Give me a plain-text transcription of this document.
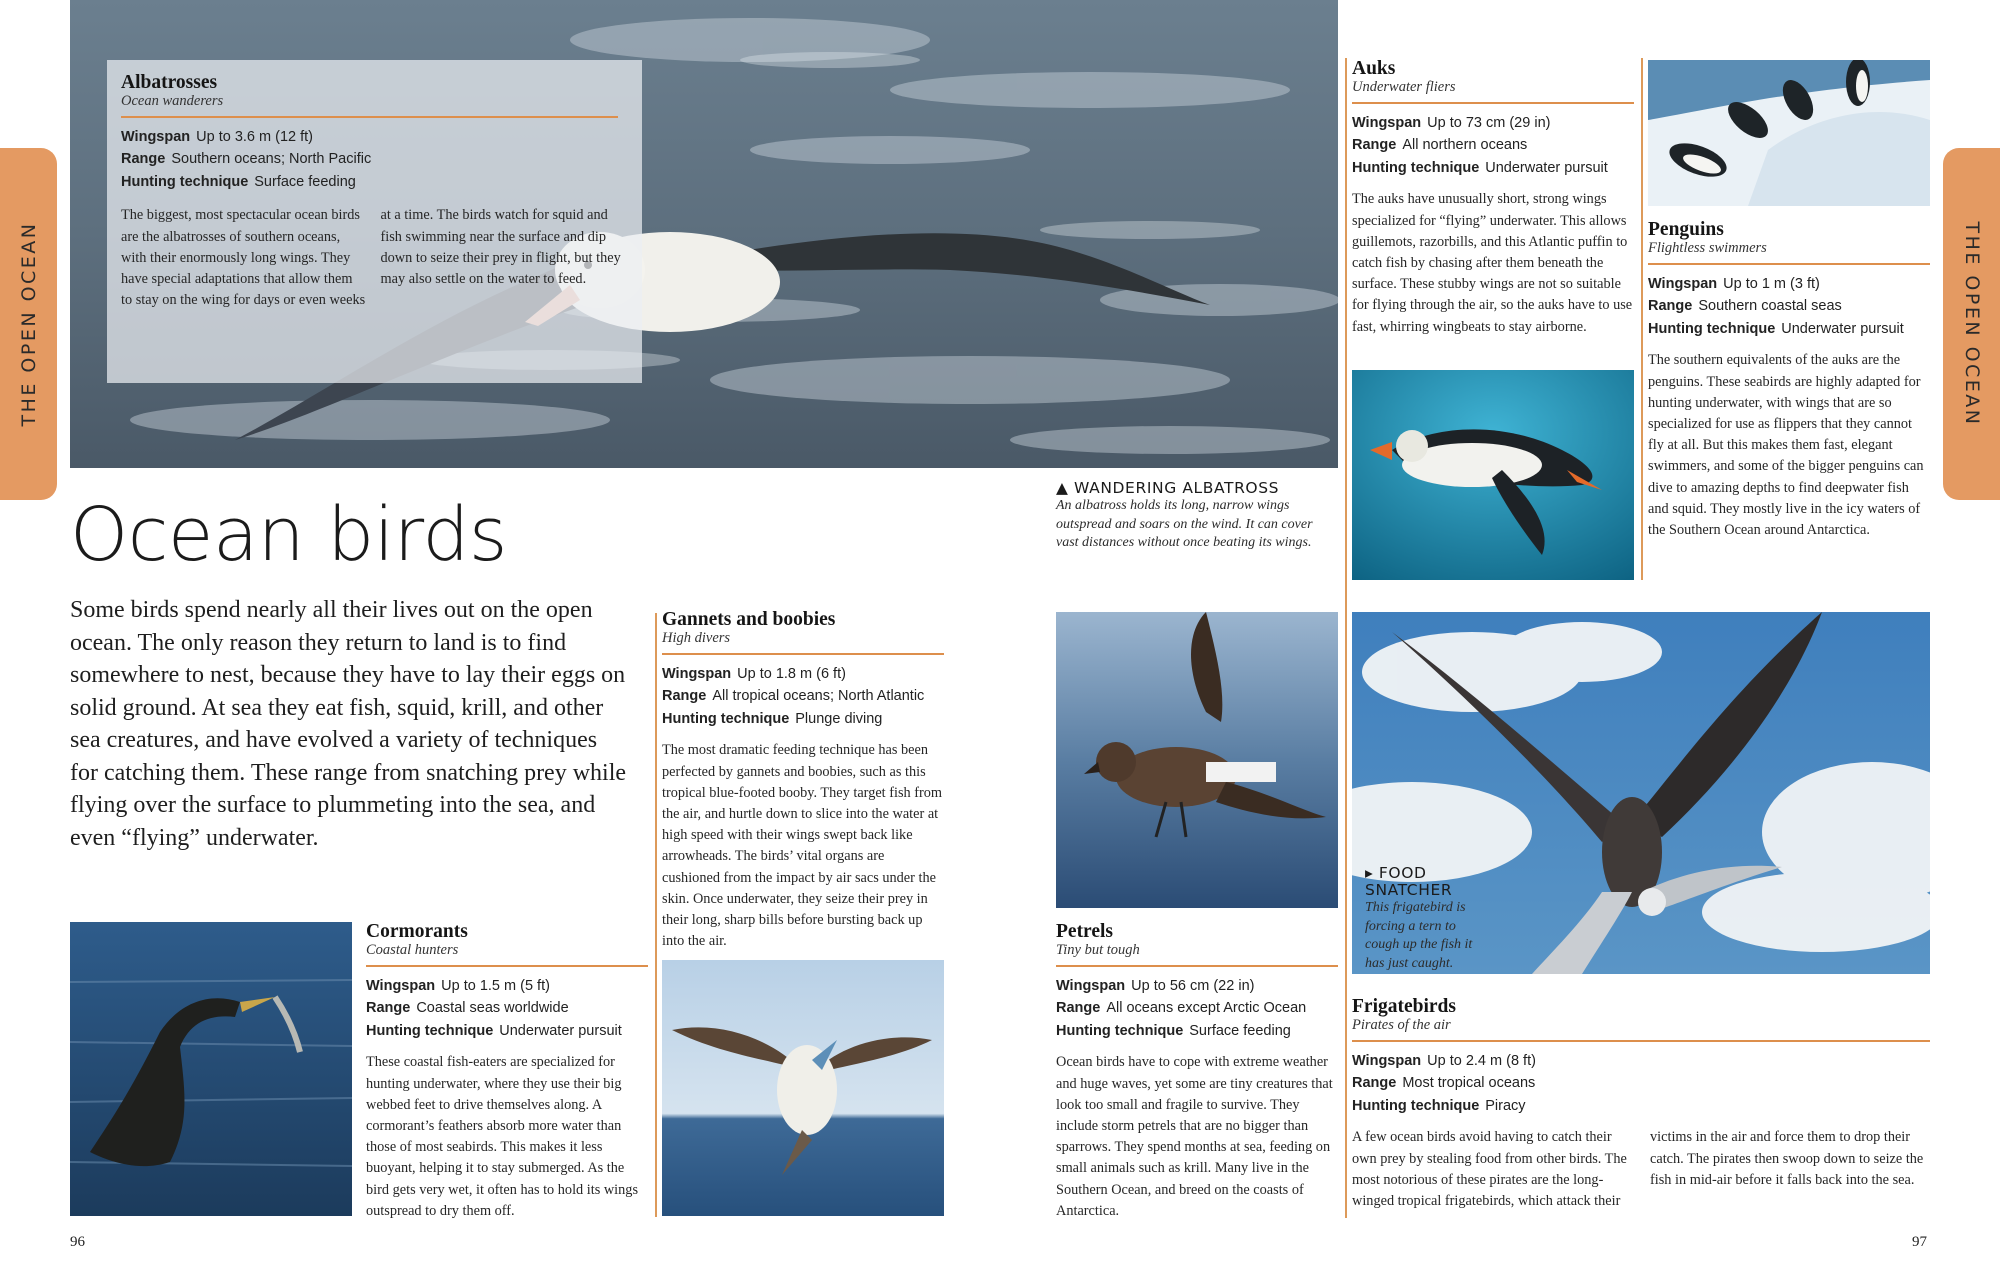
THE OPEN OCEAN	THE OPEN OCEAN
Albatrosses
Ocean wanderers
Wingspan Up to 3.6 m (12 ft)
Range Southern oceans; North Pacific
Hunting technique Surface feeding
The biggest, most spectacular ocean birds are the albatrosses of southern oceans, with their enormously long wings. They have special adaptations that allow them to stay on the wing for days or even weeks at a time. The birds watch for squid and fish swimming near the surface and dip down to seize their prey in flight, but they may also settle on the water to feed.
Ocean birds
Some birds spend nearly all their lives out on the open ocean. The only reason they return to land is to find somewhere to nest, because they have to lay their eggs on solid ground. At sea they eat fish, squid, krill, and other sea creatures, and have evolved a variety of techniques for catching them. These range from snatching prey while flying over the surface to plummeting into the sea, and even “flying” underwater.
Gannets and boobies
High divers
Wingspan Up to 1.8 m (6 ft)
Range All tropical oceans; North Atlantic
Hunting technique Plunge diving
The most dramatic feeding technique has been perfected by gannets and boobies, such as this tropical blue-footed booby. They target fish from the air, and hurtle down to slice into the water at high speed with their wings swept back like arrowheads. The birds’ vital organs are cushioned from the impact by air sacs under the skin. Once underwater, they seize their prey in their long, sharp bills before bursting back up into the air.
Cormorants
Coastal hunters
Wingspan Up to 1.5 m (5 ft)
Range Coastal seas worldwide
Hunting technique Underwater pursuit
These coastal fish-eaters are specialized for hunting underwater, where they use their big webbed feet to drive themselves along. A cormorant’s feathers absorb more water than those of most seabirds. This makes it less buoyant, helping it to stay submerged. As the bird gets very wet, it often has to hold its wings outspread to dry them off.
▲ WANDERING ALBATROSS
An albatross holds its long, narrow wings outspread and soars on the wind. It can cover vast distances without once beating its wings.
Petrels
Tiny but tough
Wingspan Up to 56 cm (22 in)
Range All oceans except Arctic Ocean
Hunting technique Surface feeding
Ocean birds have to cope with extreme weather and huge waves, yet some are tiny creatures that look too small and fragile to survive. They include storm petrels that are no bigger than sparrows. They spend months at sea, feeding on small animals such as krill. Many live in the Southern Ocean, and breed on the coasts of Antarctica.
Auks
Underwater fliers
Wingspan Up to 73 cm (29 in)
Range All northern oceans
Hunting technique Underwater pursuit
The auks have unusually short, strong wings specialized for “flying” underwater. This allows guillemots, razorbills, and this Atlantic puffin to catch fish by chasing after them beneath the surface. These stubby wings are not so suitable for flying through the air, so the auks have to use fast, whirring wingbeats to stay airborne.
Penguins
Flightless swimmers
Wingspan Up to 1 m (3 ft)
Range Southern coastal seas
Hunting technique Underwater pursuit
The southern equivalents of the auks are the penguins. These seabirds are highly adapted for hunting underwater, with wings that are so specialized for use as flippers that they cannot fly at all. But this makes them fast, elegant swimmers, and some of the bigger penguins can dive to amazing depths to find deepwater fish and squid. They mostly live in the icy waters of the Southern Ocean around Antarctica.
▸ FOOD
SNATCHER
This frigatebird is forcing a tern to cough up the fish it has just caught.
Frigatebirds
Pirates of the air
Wingspan Up to 2.4 m (8 ft)
Range Most tropical oceans
Hunting technique Piracy
A few ocean birds avoid having to catch their own prey by stealing food from other birds. The most notorious of these pirates are the long-winged tropical frigatebirds, which attack their victims in the air and force them to drop their catch. The pirates then swoop down to seize the fish in mid-air before it falls back into the sea.
96	97
